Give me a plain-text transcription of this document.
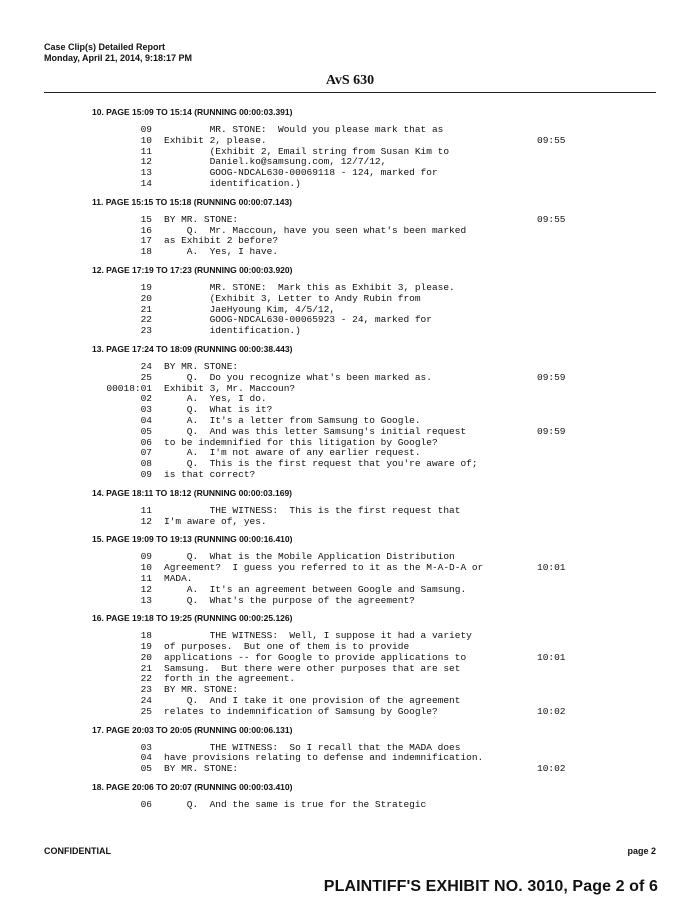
Case Clip(s) Detailed Report
Monday, April 21, 2014, 9:18:17 PM
AvS 630
10. PAGE 15:09 TO 15:14 (RUNNING 00:00:03.391)
09 MR. STONE:  Would you please mark that as
10 Exhibit 2, please.	09:55
11 (Exhibit 2, Email string from Susan Kim to
12 Daniel.ko@samsung.com, 12/7/12,
13 GOOG-NDCAL630-00069118 - 124, marked for
14 identification.)
11. PAGE 15:15 TO 15:18 (RUNNING 00:00:07.143)
15 BY MR. STONE:	09:55
16 Q.  Mr. Maccoun, have you seen what's been marked
17 as Exhibit 2 before?
18 A.  Yes, I have.
12. PAGE 17:19 TO 17:23 (RUNNING 00:00:03.920)
19 MR. STONE:  Mark this as Exhibit 3, please.
20 (Exhibit 3, Letter to Andy Rubin from
21 JaeHyoung Kim, 4/5/12,
22 GOOG-NDCAL630-00065923 - 24, marked for
23 identification.)
13. PAGE 17:24 TO 18:09 (RUNNING 00:00:38.443)
24 BY MR. STONE:
25 Q.  Do you recognize what's been marked as.	09:59
00018:01 Exhibit 3, Mr. Maccoun?
02 A.  Yes, I do.
03 Q.  What is it?
04 A.  It's a letter from Samsung to Google.
05 Q.  And was this letter Samsung's initial request	09:59
06 to be indemnified for this litigation by Google?
07 A.  I'm not aware of any earlier request.
08 Q.  This is the first request that you're aware of;
09 is that correct?
14. PAGE 18:11 TO 18:12 (RUNNING 00:00:03.169)
11 THE WITNESS:  This is the first request that
12 I'm aware of, yes.
15. PAGE 19:09 TO 19:13 (RUNNING 00:00:16.410)
09 Q.  What is the Mobile Application Distribution
10 Agreement?  I guess you referred to it as the M-A-D-A or	10:01
11 MADA.
12 A.  It's an agreement between Google and Samsung.
13 Q.  What's the purpose of the agreement?
16. PAGE 19:18 TO 19:25 (RUNNING 00:00:25.126)
18 THE WITNESS:  Well, I suppose it had a variety
19 of purposes.  But one of them is to provide
20 applications -- for Google to provide applications to	10:01
21 Samsung.  But there were other purposes that are set
22 forth in the agreement.
23 BY MR. STONE:
24 Q.  And I take it one provision of the agreement
25 relates to indemnification of Samsung by Google?	10:02
17. PAGE 20:03 TO 20:05 (RUNNING 00:00:06.131)
03 THE WITNESS:  So I recall that the MADA does
04 have provisions relating to defense and indemnification.
05 BY MR. STONE:	10:02
18. PAGE 20:06 TO 20:07 (RUNNING 00:00:03.410)
06 Q.  And the same is true for the Strategic
CONFIDENTIAL	page 2
PLAINTIFF'S EXHIBIT NO. 3010, Page 2 of 6
